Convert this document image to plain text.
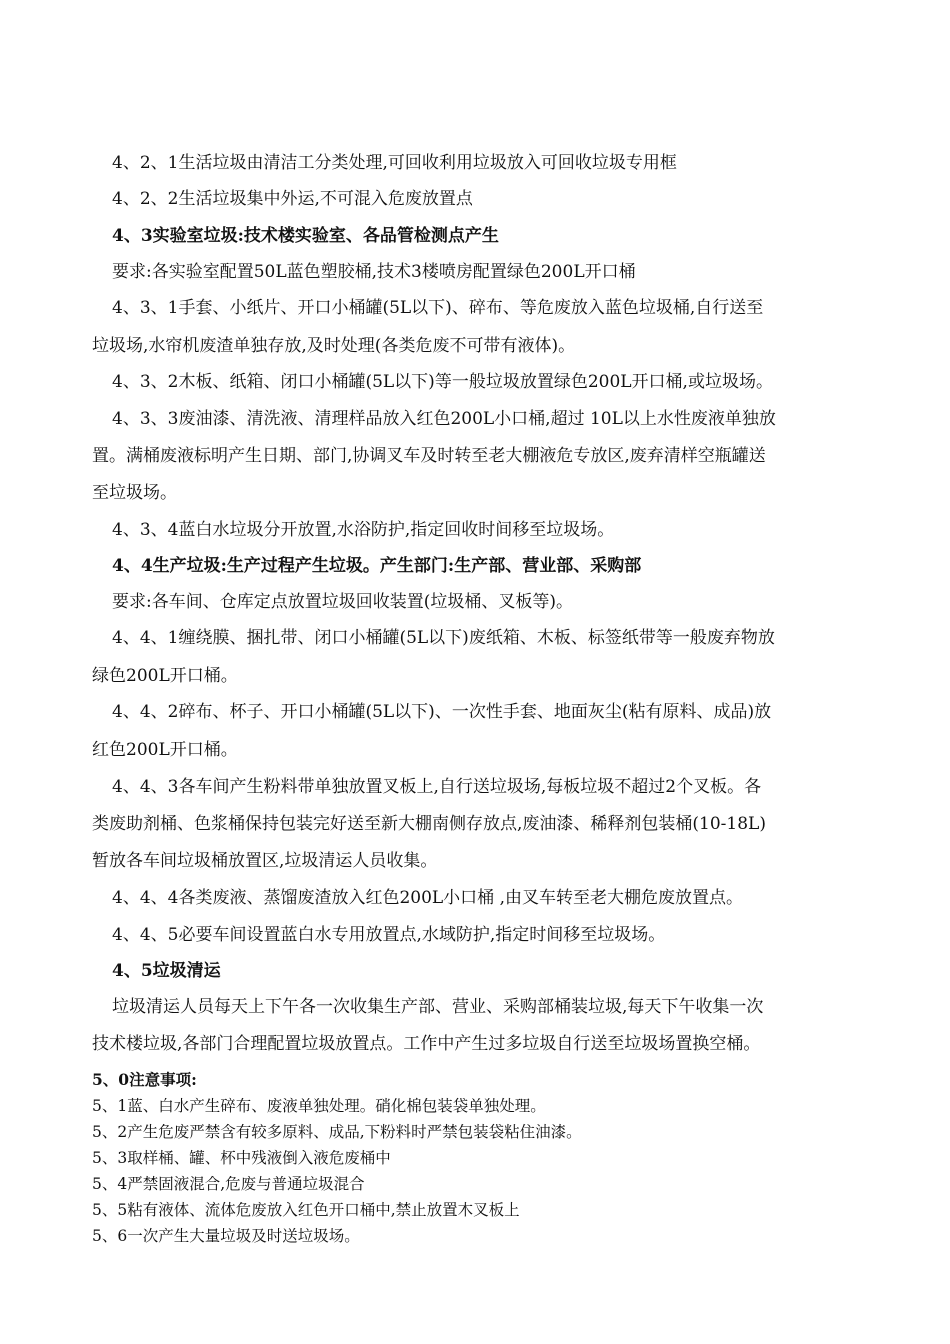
4、2、1生活垃圾由清洁工分类处理,可回收利用垃圾放入可回收垃圾专用框
4、2、2生活垃圾集中外运,不可混入危废放置点
4、3实验室垃圾:技术楼实验室、各品管检测点产生
要求:各实验室配置50L蓝色塑胶桶,技术3楼喷房配置绿色200L开口桶
4、3、1手套、小纸片、开口小桶罐(5L以下)、碎布、等危废放入蓝色垃圾桶,自行送至
垃圾场,水帘机废渣单独存放,及时处理(各类危废不可带有液体)。
4、3、2木板、纸箱、闭口小桶罐(5L以下)等一般垃圾放置绿色200L开口桶,或垃圾场。
4、3、3废油漆、清洗液、清理样品放入红色200L小口桶,超过 10L以上水性废液单独放
置。满桶废液标明产生日期、部门,协调叉车及时转至老大棚液危专放区,废弃清样空瓶罐送
至垃圾场。
4、3、4蓝白水垃圾分开放置,水浴防护,指定回收时间移至垃圾场。
4、4生产垃圾:生产过程产生垃圾。产生部门:生产部、营业部、采购部
要求:各车间、仓库定点放置垃圾回收装置(垃圾桶、叉板等)。
4、4、1缠绕膜、捆扎带、闭口小桶罐(5L以下)废纸箱、木板、标签纸带等一般废弃物放
绿色200L开口桶。
4、4、2碎布、杯子、开口小桶罐(5L以下)、一次性手套、地面灰尘(粘有原料、成品)放
红色200L开口桶。
4、4、3各车间产生粉料带单独放置叉板上,自行送垃圾场,每板垃圾不超过2个叉板。各
类废助剂桶、色浆桶保持包装完好送至新大棚南侧存放点,废油漆、稀释剂包装桶(10-18L)
暂放各车间垃圾桶放置区,垃圾清运人员收集。
4、4、4各类废液、蒸馏废渣放入红色200L小口桶 ,由叉车转至老大棚危废放置点。
4、4、5必要车间设置蓝白水专用放置点,水域防护,指定时间移至垃圾场。
4、5垃圾清运
垃圾清运人员每天上下午各一次收集生产部、营业、采购部桶装垃圾,每天下午收集一次
技术楼垃圾,各部门合理配置垃圾放置点。工作中产生过多垃圾自行送至垃圾场置换空桶。
5、0注意事项:
5、1蓝、白水产生碎布、废液单独处理。硝化棉包装袋单独处理。
5、2产生危废严禁含有较多原料、成品,下粉料时严禁包装袋粘住油漆。
5、3取样桶、罐、杯中残液倒入液危废桶中
5、4严禁固液混合,危废与普通垃圾混合
5、5粘有液体、流体危废放入红色开口桶中,禁止放置木叉板上
5、6一次产生大量垃圾及时送垃圾场。
